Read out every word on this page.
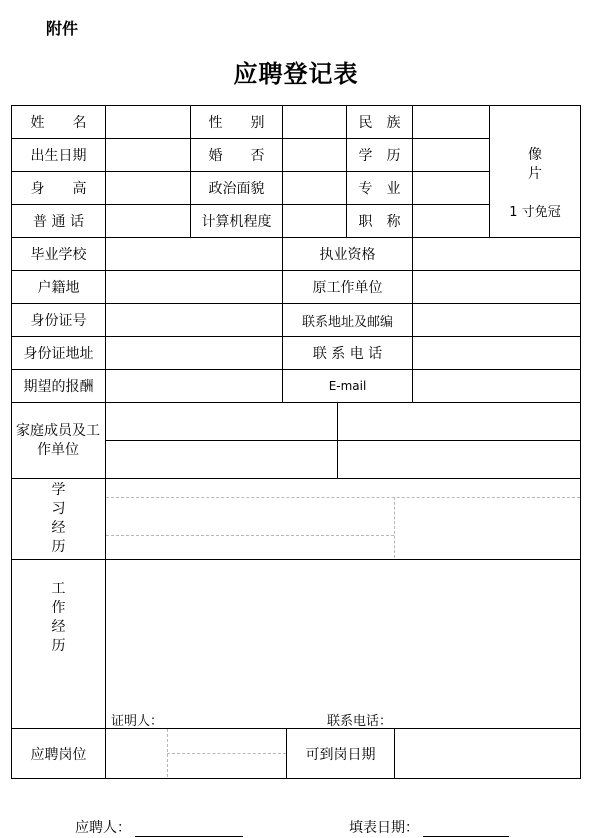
附件
应聘登记表
姓　　名	性　　别	民　族
出生日期	婚　　否	学　历
身　　高	政治面貌	专　业
普 通 话	计算机程度	职　称
像
片
1 寸免冠
毕业学校	执业资格
户籍地	原工作单位
身份证号	联系地址及邮编
身份证地址	联 系 电 话
期望的报酬	E-mail
家庭成员及工作单位
学习经历
工作经历
证明人：	联系电话：
应聘岗位	可到岗日期
应聘人：	填表日期：
